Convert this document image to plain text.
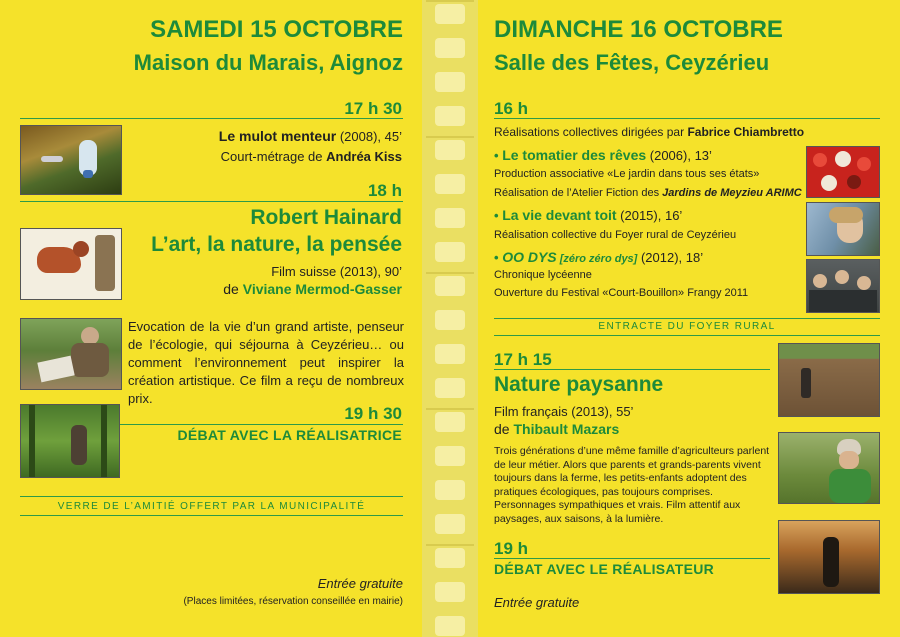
SAMEDI 15 OCTOBRE
Maison du Marais, Aignoz
17 h 30
Le mulot menteur (2008), 45’
Court-métrage de Andréa Kiss
18 h
Robert Hainard
L’art, la nature, la pensée
Film suisse (2013), 90’
de Viviane Mermod-Gasser
Evocation de la vie d’un grand artiste, penseur de l’écologie, qui séjourna à Ceyzérieu… ou comment l’environnement peut inspirer la création artistique. Ce film a reçu de nombreux prix.
19 h 30
DÉBAT AVEC LA RÉALISATRICE
VERRE DE L’AMITIÉ OFFERT PAR LA MUNICIPALITÉ
Entrée gratuite
(Places limitées, réservation conseillée en mairie)
DIMANCHE 16 OCTOBRE
Salle des Fêtes, Ceyzérieu
16 h
Réalisations collectives dirigées par Fabrice Chiambretto
• Le tomatier des rêves (2006), 13’
Production associative «Le jardin dans tous ses états»
Réalisation de l’Atelier Fiction des Jardins de Meyzieu ARIMC
• La vie devant toit (2015), 16’
Réalisation collective du Foyer rural de Ceyzérieu
• OO DYS [zéro zéro dys] (2012), 18’
Chronique lycéenne
Ouverture du Festival «Court-Bouillon» Frangy 2011
ENTRACTE DU FOYER RURAL
17 h 15
Nature paysanne
Film français (2013), 55’
de Thibault Mazars
Trois générations d’une même famille d’agriculteurs parlent de leur métier. Alors que parents et grands-parents vivent toujours dans la ferme, les petits-enfants adoptent des pratiques écologiques, pas toujours comprises. Personnages sympathiques et vrais. Film attentif aux paysages, aux saisons, à la lumière.
19 h
DÉBAT AVEC LE RÉALISATEUR
Entrée gratuite
